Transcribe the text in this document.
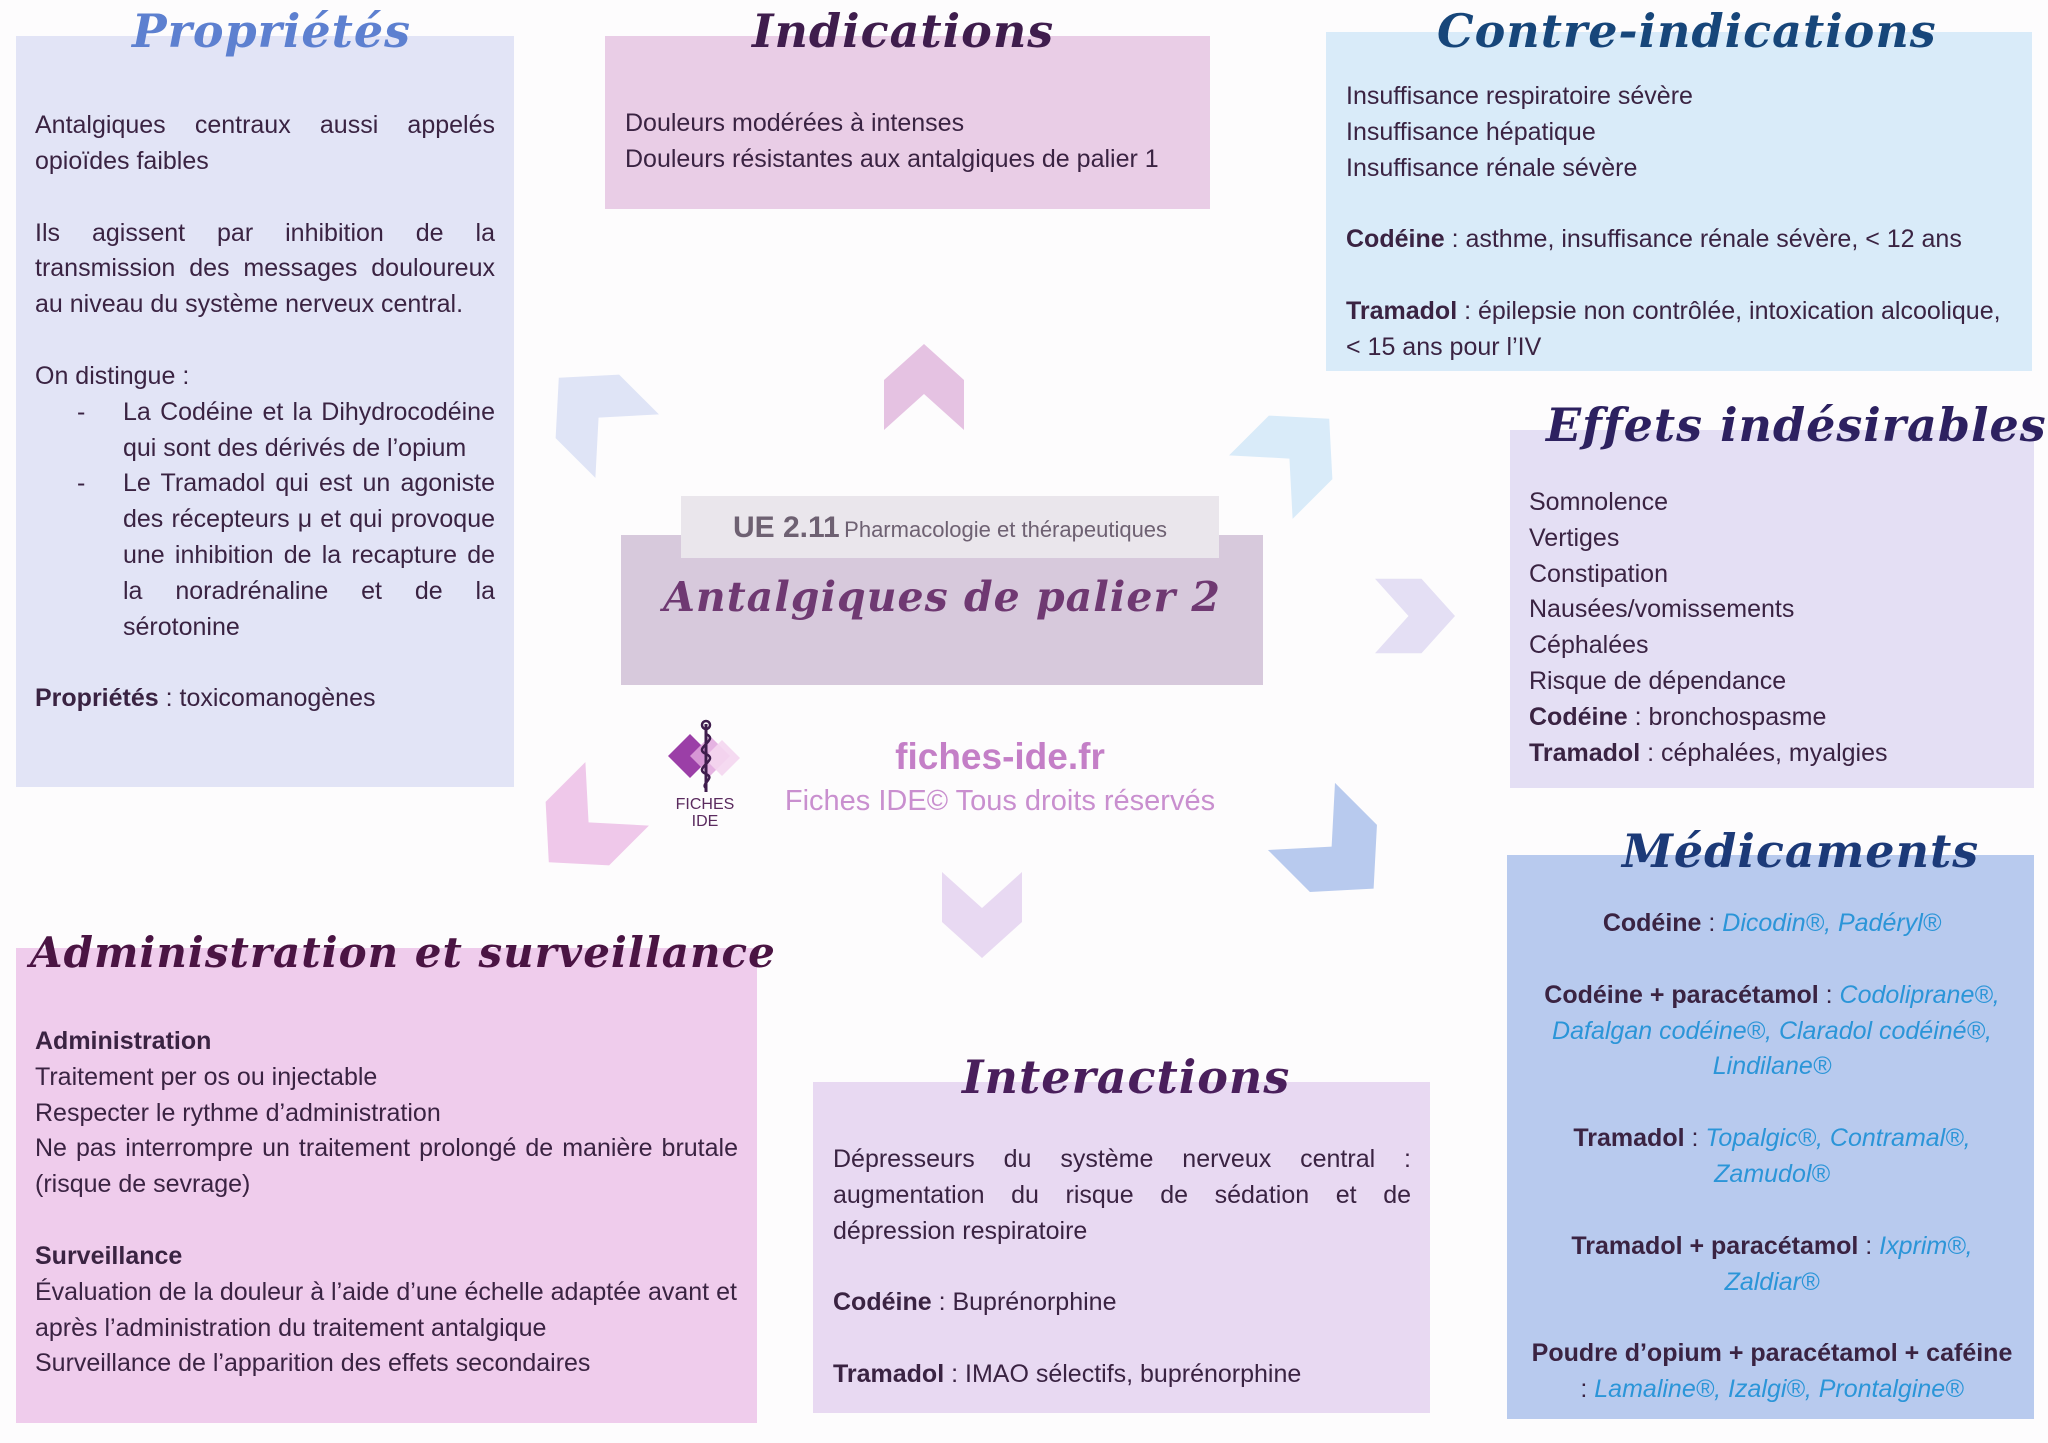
Antalgiques centraux aussi appelés opioïdes faibles

Ils agissent par inhibition de la transmission des messages douloureux au niveau du système nerveux central.

On distingue :

- La Codéine et la Dihydrocodéine qui sont des dérivés de l’opium
- Le Tramadol qui est un agoniste des récepteurs μ et qui provoque une inhibition de la recapture de la noradrénaline et de la sérotonine

Propriétés : toxicomanogènes

Propriétés

Douleurs modérées à intenses

Douleurs résistantes aux antalgiques de palier 1

Indications

Insuffisance respiratoire sévère

Insuffisance hépatique

Insuffisance rénale sévère

Codéine : asthme, insuffisance rénale sévère, < 12 ans

Tramadol : épilepsie non contrôlée, intoxication alcoolique, < 15 ans pour l’IV

Contre-indications

Somnolence

Vertiges

Constipation

Nausées/vomissements

Céphalées

Risque de dépendance

Codéine : bronchospasme

Tramadol : céphalées, myalgies

Effets indésirables

Codéine : Dicodin®, Padéryl®

Codéine + paracétamol : Codoliprane®, Dafalgan codéine®, Claradol codéiné®, Lindilane®

Tramadol : Topalgic®, Contramal®, Zamudol®

Tramadol + paracétamol : Ixprim®, Zaldiar®

Poudre d’opium + paracétamol + caféine : Lamaline®, Izalgi®, Prontalgine®

Médicaments

Dépresseurs du système nerveux central : augmentation du risque de sédation et de dépression respiratoire

Codéine : Buprénorphine

Tramadol : IMAO sélectifs, buprénorphine

Interactions

Administration

Traitement per os ou injectable

Respecter le rythme d’administration

Ne pas interrompre un traitement prolongé de manière brutale (risque de sevrage)

Surveillance

Évaluation de la douleur à l’aide d’une échelle adaptée avant et après l’administration du traitement antalgique

Surveillance de l’apparition des effets secondaires

Administration et surveillance

Antalgiques de palier 2

UE 2.11 Pharmacologie et thérapeutiques
FICHES
IDE
fiches-ide.fr
Fiches IDE© Tous droits réservés
